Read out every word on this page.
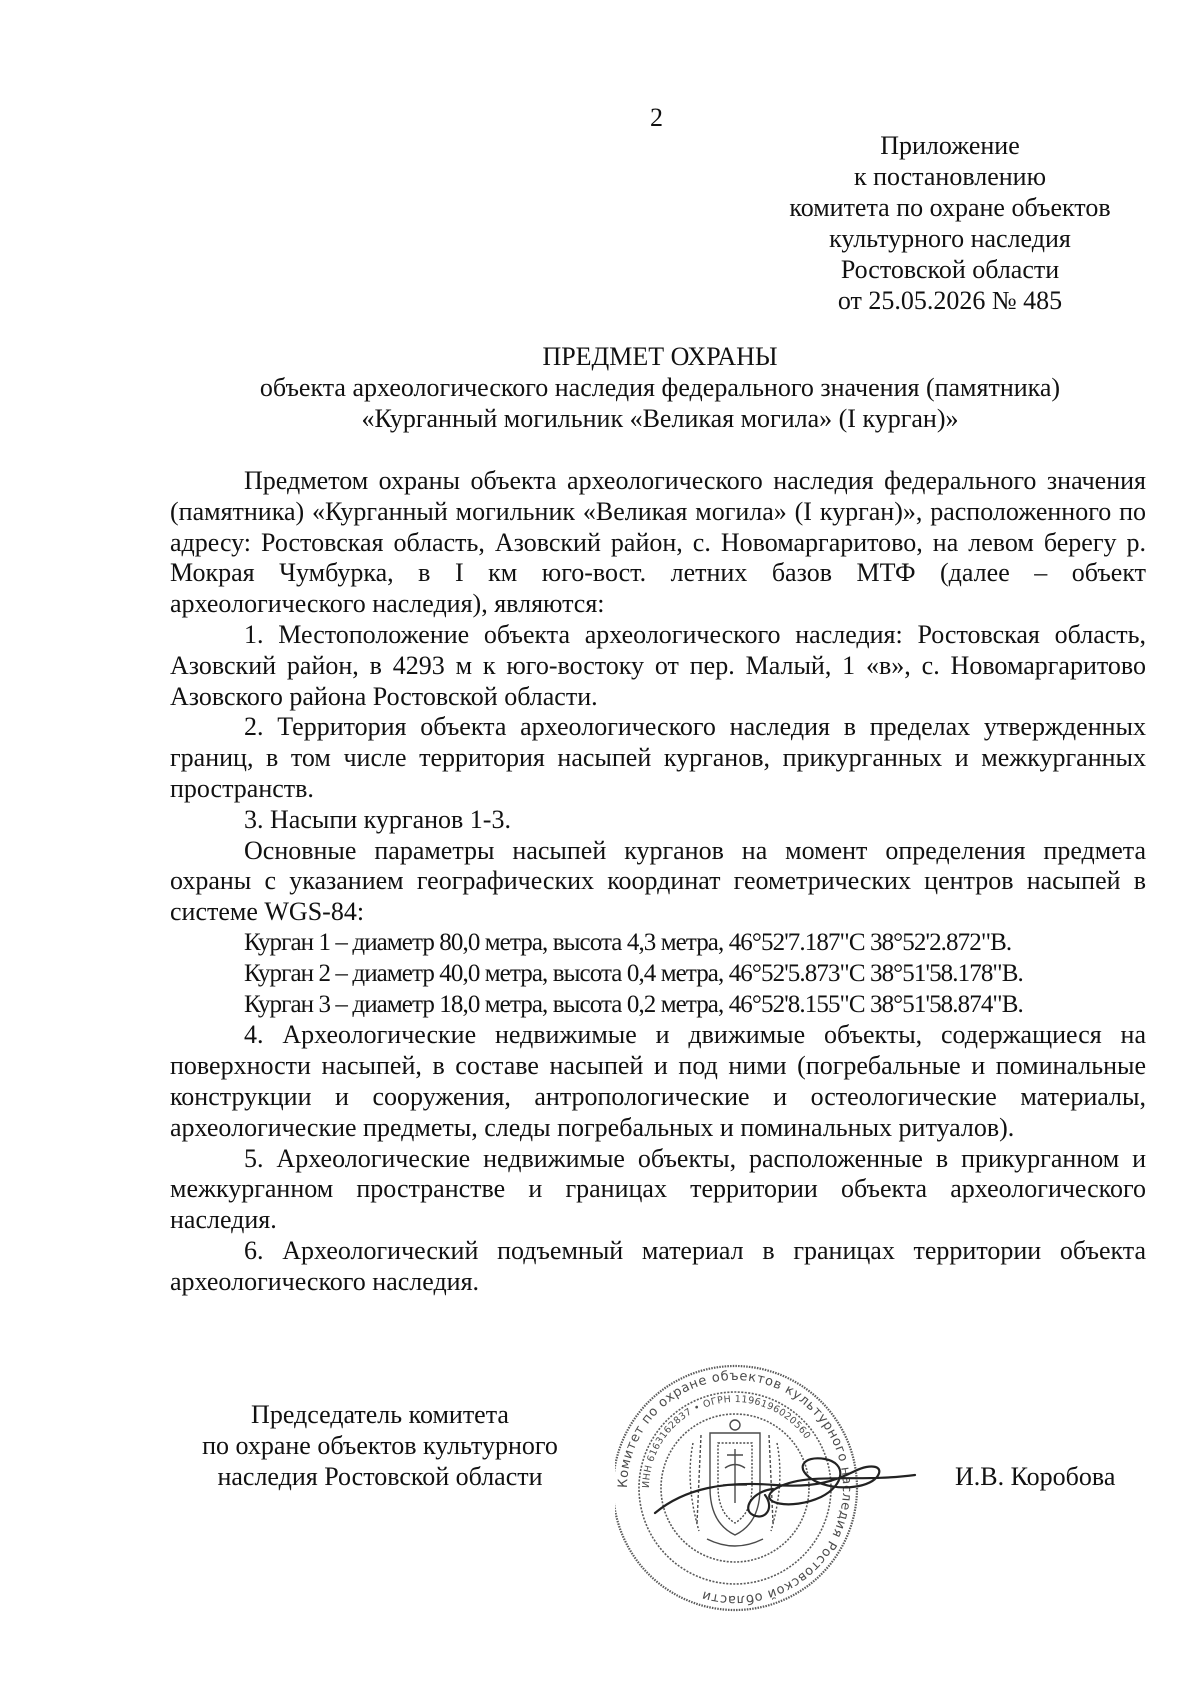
2
Приложение
к постановлению
комитета по охране объектов
культурного наследия
Ростовской области
от 25.05.2026 № 485
ПРЕДМЕТ ОХРАНЫ
объекта археологического наследия федерального значения (памятника)
«Курганный могильник «Великая могила» (I курган)»

Предметом охраны объекта археологического наследия федерального значения (памятника) «Курганный могильник «Великая могила» (I курган)», расположенного по адресу: Ростовская область, Азовский район, с. Новомаргаритово, на левом берегу р. Мокрая Чумбурка, в I км юго-вост. летних базов МТФ (далее – объект археологического наследия), являются:

1. Местоположение объекта археологического наследия: Ростовская область, Азовский район, в 4293 м к юго-востоку от пер. Малый, 1 «в», с. Новомаргаритово Азовского района Ростовской области.

2. Территория объекта археологического наследия в пределах утвержденных границ, в том числе территория насыпей курганов, прикурганных и межкурганных пространств.

3. Насыпи курганов 1-3.

Основные параметры насыпей курганов на момент определения предмета охраны с указанием географических координат геометрических центров насыпей в системе WGS-84:

Курган 1 – диаметр 80,0 метра, высота 4,3 метра, 46°52'7.187"С 38°52'2.872"В.

Курган 2 – диаметр 40,0 метра, высота 0,4 метра, 46°52'5.873"С 38°51'58.178"В.

Курган 3 – диаметр 18,0 метра, высота 0,2 метра, 46°52'8.155"С 38°51'58.874"В.

4. Археологические недвижимые и движимые объекты, содержащиеся на поверхности насыпей, в составе насыпей и под ними (погребальные и поминальные конструкции и сооружения, антропологические и остеологические материалы, археологические предметы, следы погребальных и поминальных ритуалов).

5. Археологические недвижимые объекты, расположенные в прикурганном и межкурганном пространстве и границах территории объекта археологического наследия.

6. Археологический подъемный материал в границах территории объекта археологического наследия.

Председатель комитета
по охране объектов культурного
наследия Ростовской области	Комитет по охране объектов культурного наследия Ростовской области
ИНН 6163162837 • ОГРН 1196196020560
И.В. Коробова
